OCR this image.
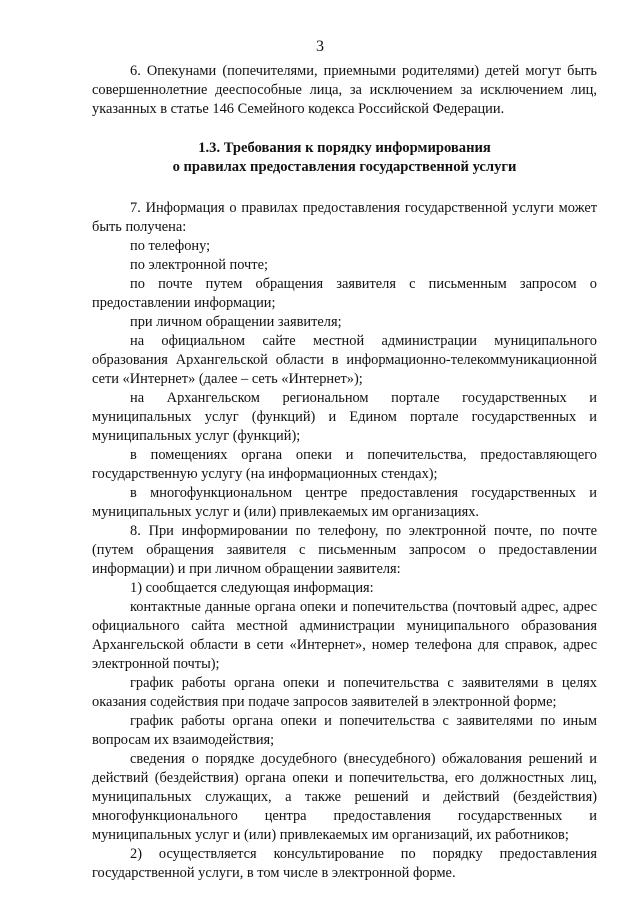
3

6. Опекунами (попечителями, приемными родителями) детей могут быть совершеннолетние дееспособные лица, за исключением за исключением лиц, указанных в статье 146 Семейного кодекса Российской Федерации.

1.3. Требования к порядку информирования
о правилах предоставления государственной услуги

7. Информация о правилах предоставления государственной услуги может быть получена:

по телефону;

по электронной почте;

по почте путем обращения заявителя с письменным запросом о предоставлении информации;

при личном обращении заявителя;

на официальном сайте местной администрации муниципального образования Архангельской области в информационно-телекоммуникационной сети «Интернет» (далее – сеть «Интернет»);

на Архангельском региональном портале государственных и муниципальных услуг (функций) и Едином портале государственных и муниципальных услуг (функций);

в помещениях органа опеки и попечительства, предоставляющего государственную услугу (на информационных стендах);

в многофункциональном центре предоставления государственных и муниципальных услуг и (или) привлекаемых им организациях.

8. При информировании по телефону, по электронной почте, по почте (путем обращения заявителя с письменным запросом о предоставлении информации) и при личном обращении заявителя:

1) сообщается следующая информация:

контактные данные органа опеки и попечительства (почтовый адрес, адрес официального сайта местной администрации муниципального образования Архангельской области в сети «Интернет», номер телефона для справок, адрес электронной почты);

график работы органа опеки и попечительства с заявителями в целях оказания содействия при подаче запросов заявителей в электронной форме;

график работы органа опеки и попечительства с заявителями по иным вопросам их взаимодействия;

сведения о порядке досудебного (внесудебного) обжалования решений и действий (бездействия) органа опеки и попечительства, его должностных лиц, муниципальных служащих, а также решений и действий (бездействия) многофункционального центра предоставления государственных и муниципальных услуг и (или) привлекаемых им организаций, их работников;

2) осуществляется консультирование по порядку предоставления государственной услуги, в том числе в электронной форме.
